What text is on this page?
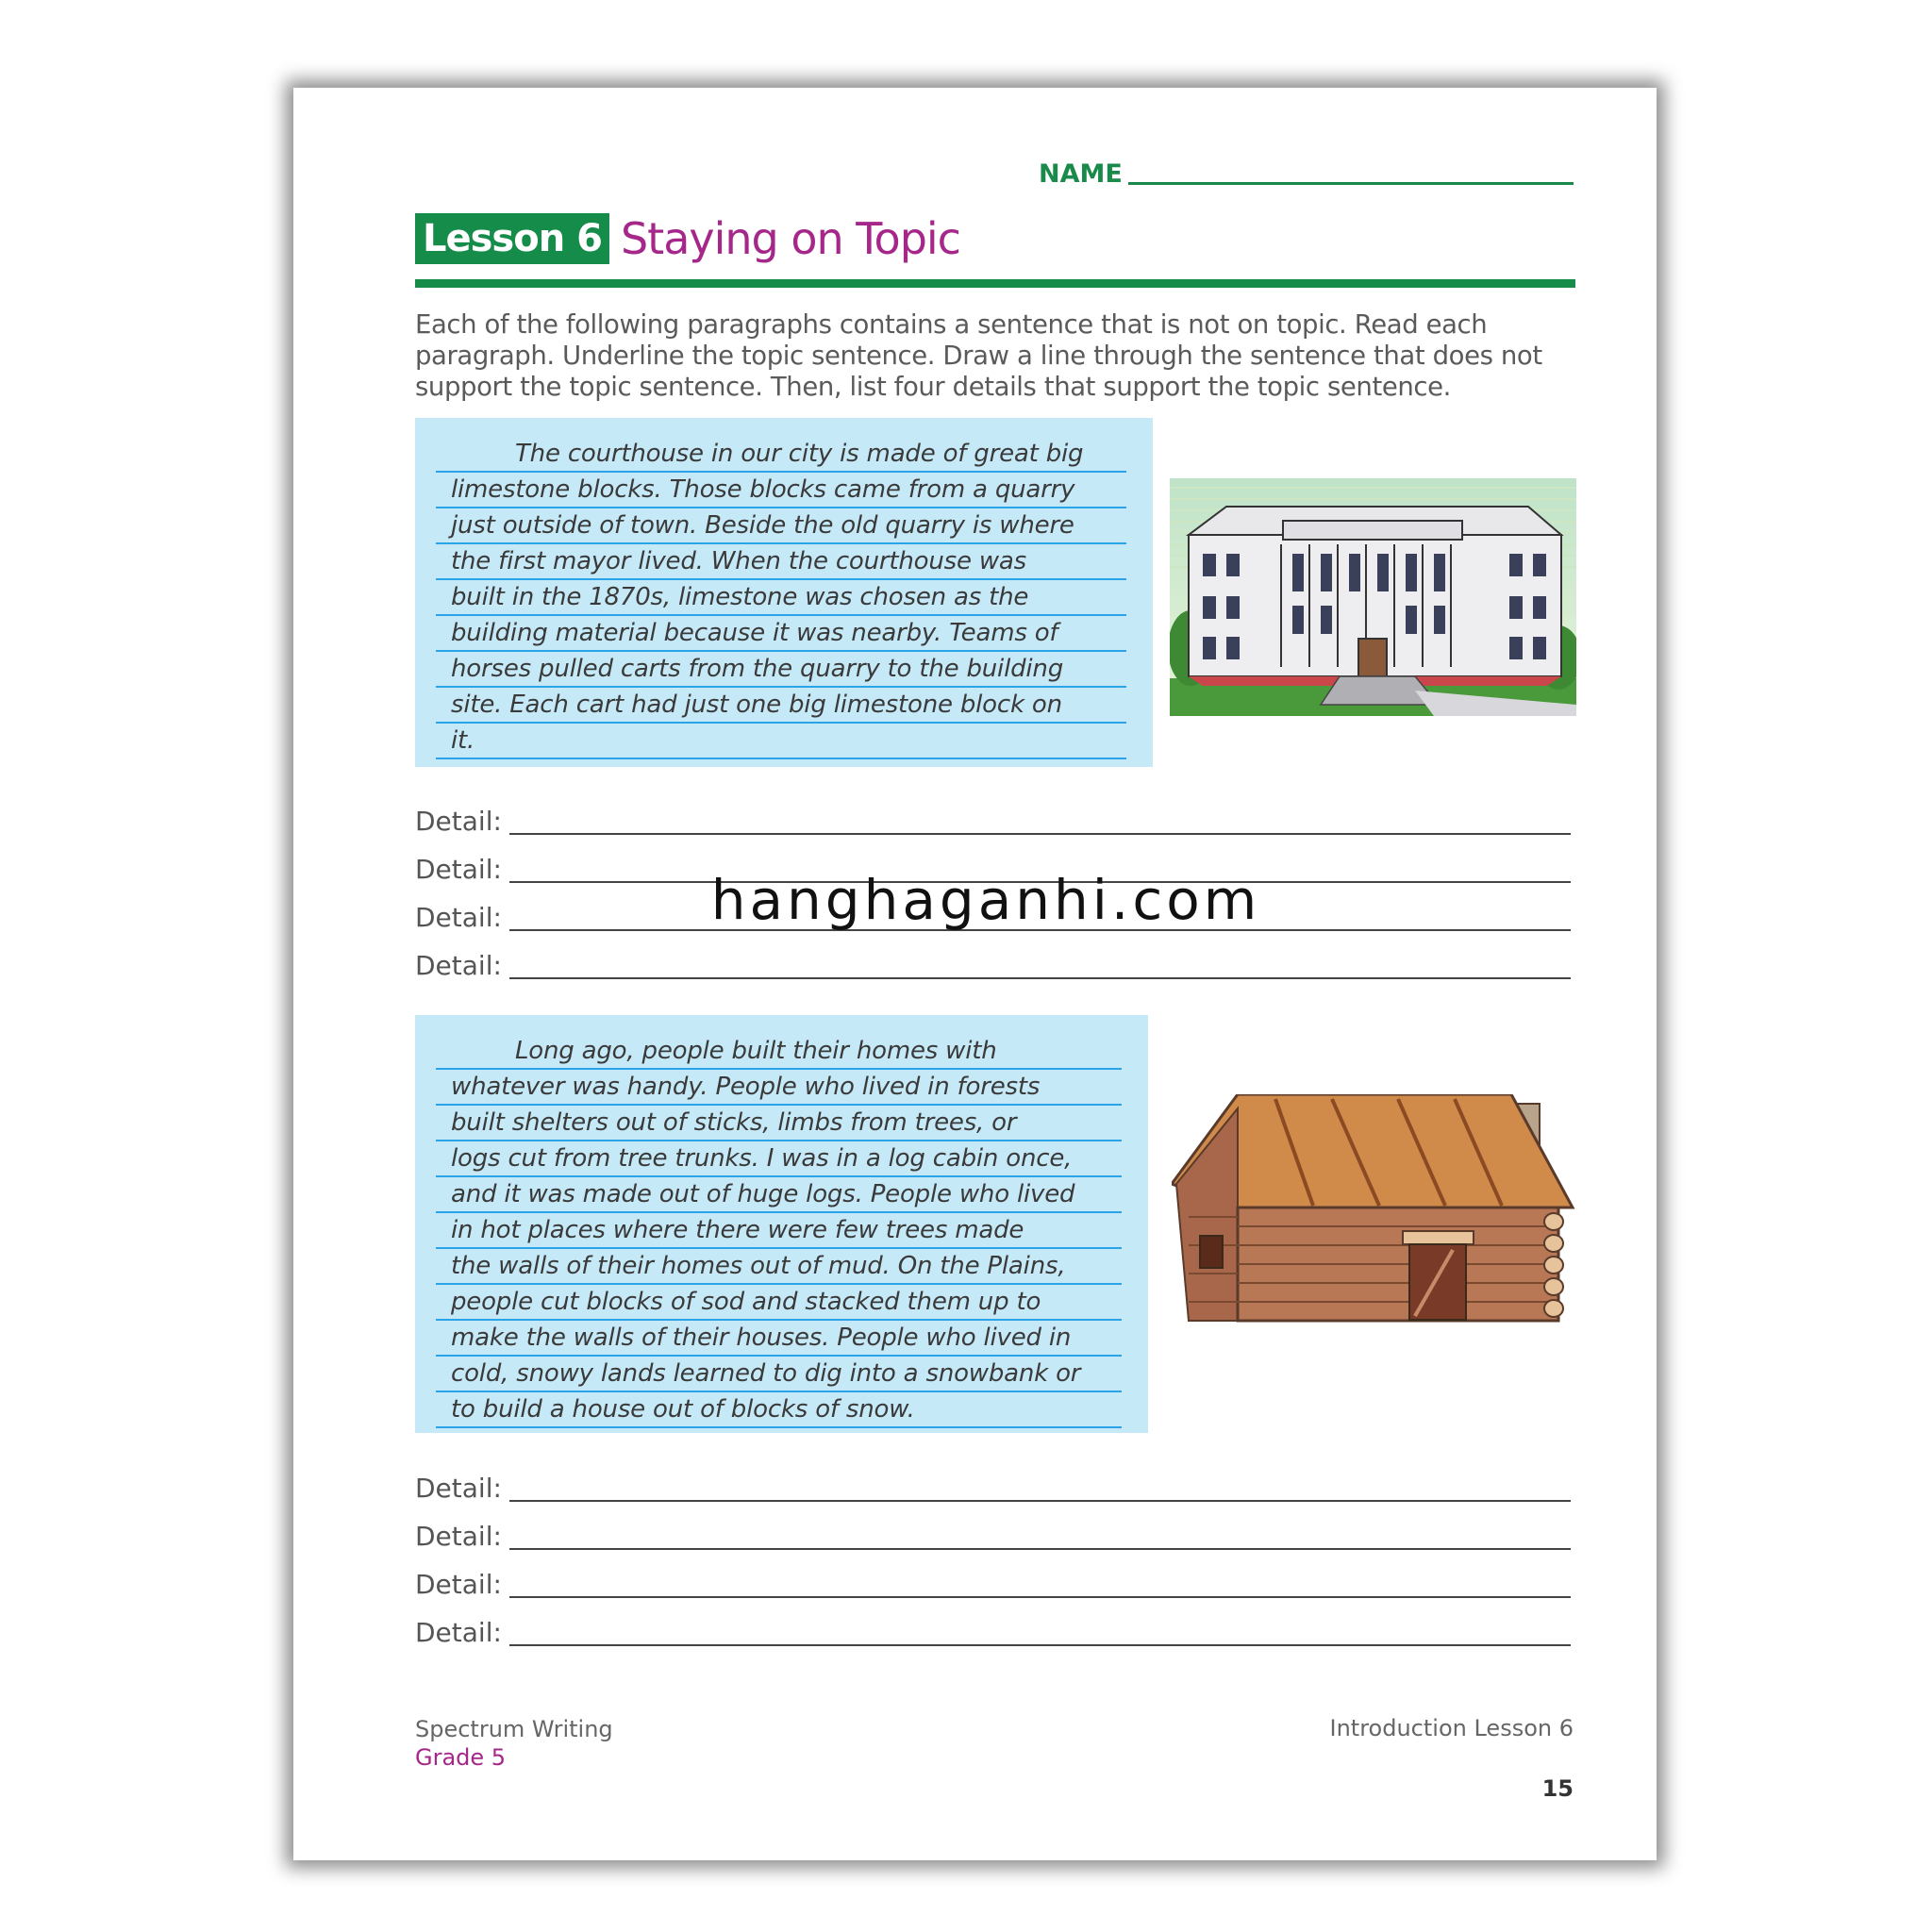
NAME
Lesson 6 Staying on Topic
Each of the following paragraphs contains a sentence that is not on topic. Read each paragraph. Underline the topic sentence. Draw a line through the sentence that does not support the topic sentence. Then, list four details that support the topic sentence.

The courthouse in our city is made of great big
limestone blocks. Those blocks came from a quarry
just outside of town. Beside the old quarry is where
the first mayor lived. When the courthouse was
built in the 1870s, limestone was chosen as the
building material because it was nearby. Teams of
horses pulled carts from the quarry to the building
site. Each cart had just one big limestone block on
it.

Detail:
Detail:
Detail:
Detail:
hanghaganhi.com

Long ago, people built their homes with
whatever was handy. People who lived in forests
built shelters out of sticks, limbs from trees, or
logs cut from tree trunks. I was in a log cabin once,
and it was made out of huge logs. People who lived
in hot places where there were few trees made
the walls of their homes out of mud. On the Plains,
people cut blocks of sod and stacked them up to
make the walls of their houses. People who lived in
cold, snowy lands learned to dig into a snowbank or
to build a house out of blocks of snow.

Detail:
Detail:
Detail:
Detail:
Spectrum Writing
Grade 5
Introduction Lesson 6
15
